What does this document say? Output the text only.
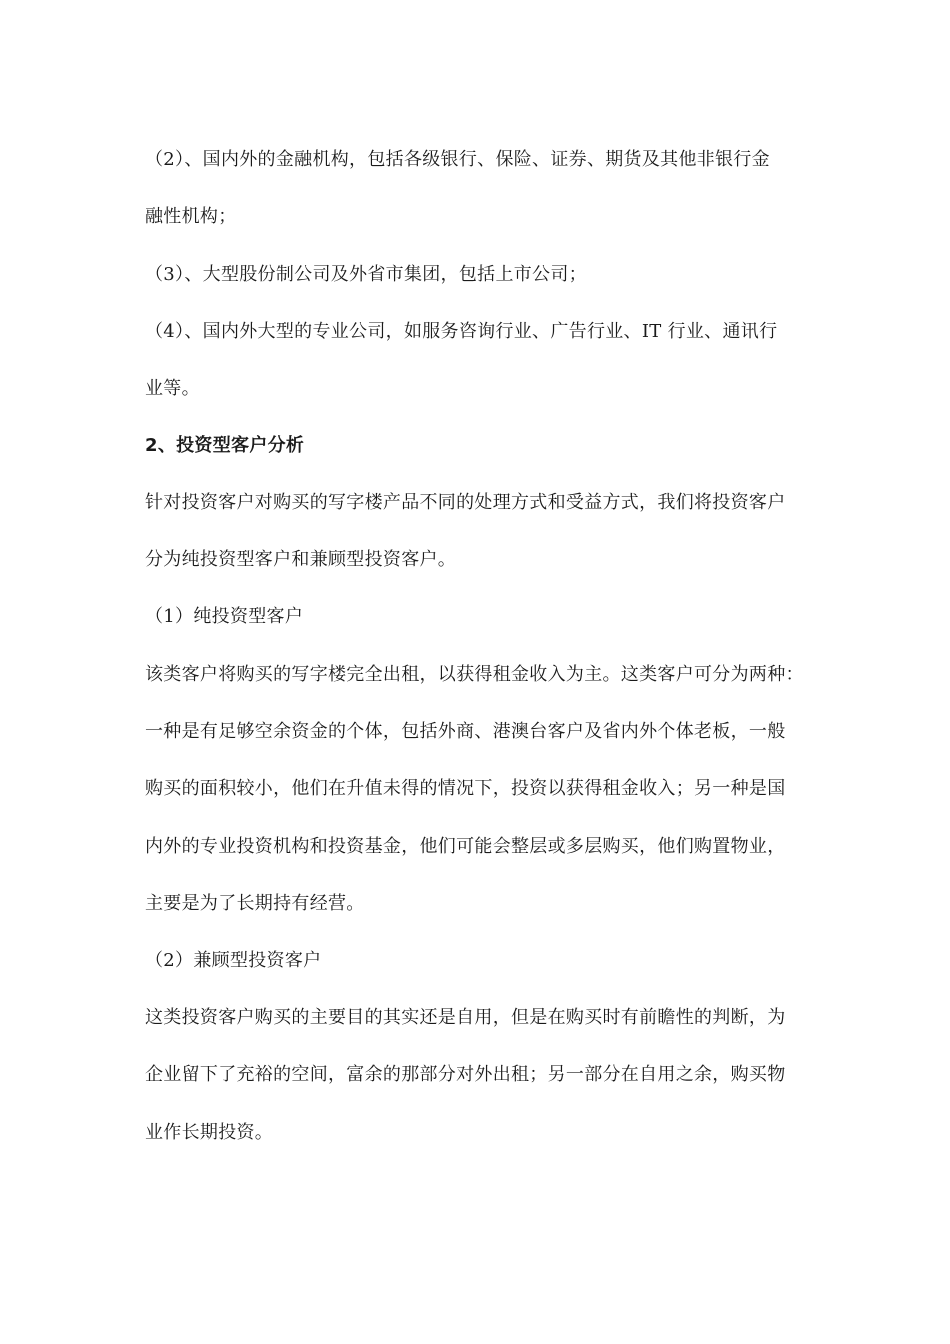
（2）、国内外的金融机构，包括各级银行、保险、证券、期货及其他非银行金
融性机构；
（3）、大型股份制公司及外省市集团，包括上市公司；
（4）、国内外大型的专业公司，如服务咨询行业、广告行业、IT 行业、通讯行
业等。
2、投资型客户分析
针对投资客户对购买的写字楼产品不同的处理方式和受益方式，我们将投资客户
分为纯投资型客户和兼顾型投资客户。
（1）纯投资型客户
该类客户将购买的写字楼完全出租，以获得租金收入为主。这类客户可分为两种：
一种是有足够空余资金的个体，包括外商、港澳台客户及省内外个体老板，一般
购买的面积较小，他们在升值未得的情况下，投资以获得租金收入；另一种是国
内外的专业投资机构和投资基金，他们可能会整层或多层购买，他们购置物业，
主要是为了长期持有经营。
（2）兼顾型投资客户
这类投资客户购买的主要目的其实还是自用，但是在购买时有前瞻性的判断，为
企业留下了充裕的空间，富余的那部分对外出租；另一部分在自用之余，购买物
业作长期投资。
